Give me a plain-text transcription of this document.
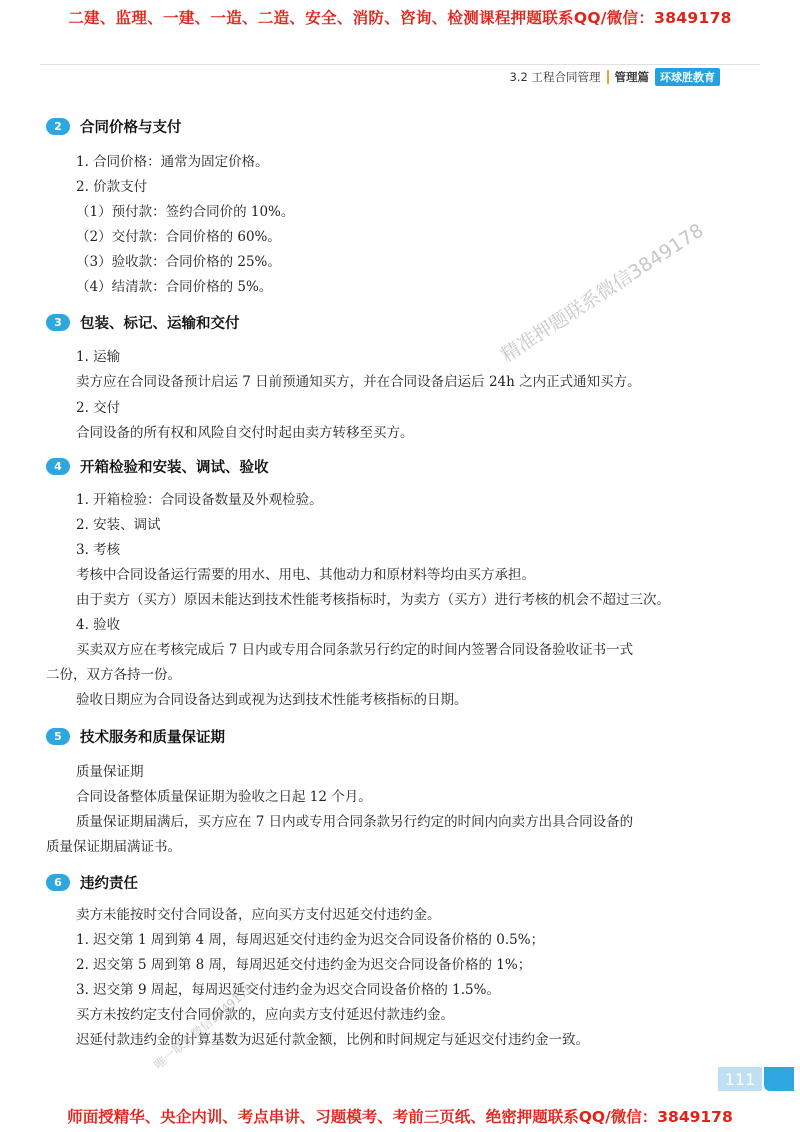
二建、监理、一建、一造、二造、安全、消防、咨询、检测课程押题联系QQ/微信：3849178
3.2 工程合同管理 管理篇	环球胜教育
2	合同价格与支付
1. 合同价格：通常为固定价格。
2. 价款支付
（1）预付款：签约合同价的 10%。
（2）交付款：合同价格的 60%。
（3）验收款：合同价格的 25%。
（4）结清款：合同价格的 5%。
3	包装、标记、运输和交付
1. 运输
卖方应在合同设备预计启运 7 日前预通知买方，并在合同设备启运后 24h 之内正式通知买方。
2. 交付
合同设备的所有权和风险自交付时起由卖方转移至买方。
4	开箱检验和安装、调试、验收
1. 开箱检验：合同设备数量及外观检验。
2. 安装、调试
3. 考核
考核中合同设备运行需要的用水、用电、其他动力和原材料等均由买方承担。
由于卖方（买方）原因未能达到技术性能考核指标时，为卖方（买方）进行考核的机会不超过三次。
4. 验收
买卖双方应在考核完成后 7 日内或专用合同条款另行约定的时间内签署合同设备验收证书一式
二份，双方各持一份。
验收日期应为合同设备达到或视为达到技术性能考核指标的日期。
5	技术服务和质量保证期
质量保证期
合同设备整体质量保证期为验收之日起 12 个月。
质量保证期届满后，买方应在 7 日内或专用合同条款另行约定的时间内向卖方出具合同设备的
质量保证期届满证书。
6	违约责任
卖方未能按时交付合同设备，应向买方支付迟延交付违约金。
1. 迟交第 1 周到第 4 周，每周迟延交付违约金为迟交合同设备价格的 0.5%；
2. 迟交第 5 周到第 8 周，每周迟延交付违约金为迟交合同设备价格的 1%；
3. 迟交第 9 周起，每周迟延交付违约金为迟交合同设备价格的 1.5%。
买方未按约定支付合同价款的，应向卖方支付延迟付款违约金。
迟延付款违约金的计算基数为迟延付款金额，比例和时间规定与延迟交付违约金一致。
精准押题联系微信3849178
唯一联系微信3849178
111
师面授精华、央企内训、考点串讲、习题模考、考前三页纸、绝密押题联系QQ/微信：3849178
